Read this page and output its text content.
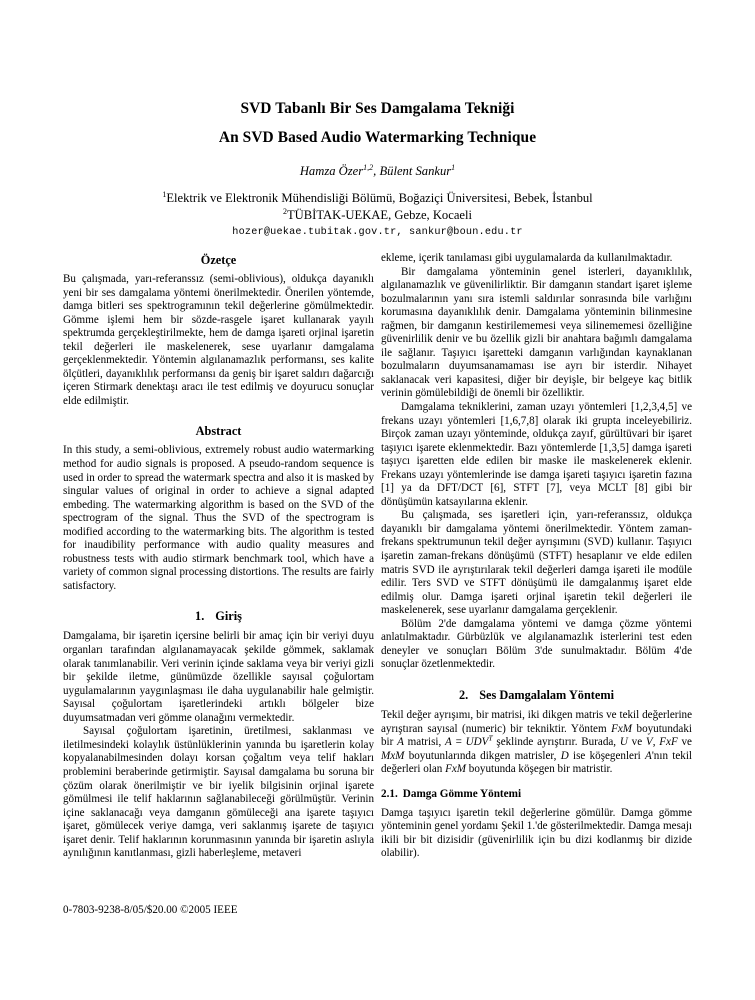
SVD Tabanlı Bir Ses Damgalama Tekniği
An SVD Based Audio Watermarking Technique
Hamza Özer$^{1,2}$, Bülent Sankur$^1$
$^1$Elektrik ve Elektronik Mühendisliği Bölümü, Boğaziçi Üniversitesi, Bebek, İstanbul
$^2$TÜBİTAK-UEKAE, Gebze, Kocaeli
hozer@uekae.tubitak.gov.tr, sankur@boun.edu.tr
Özetçe

Bu çalışmada, yarı-referanssız (semi-oblivious), oldukça dayanıklı yeni bir ses damgalama yöntemi önerilmektedir. Önerilen yöntemde, damga bitleri ses spektrogramının tekil değerlerine gömülmektedir. Gömme işlemi hem bir sözde-rasgele işaret kullanarak yayılı spektrumda gerçekleştirilmekte, hem de damga işareti orjinal işaretin tekil değerleri ile maskelenerek, sese uyarlanır damgalama gerçeklenmektedir. Yöntemin algılanamazlık performansı, ses kalite ölçütleri, dayanıklılık performansı da geniş bir işaret saldırı dağarcığı içeren Stirmark denektaşı aracı ile test edilmiş ve doyurucu sonuçlar elde edilmiştir.

Abstract

In this study, a semi-oblivious, extremely robust audio watermarking method for audio signals is proposed. A pseudo-random sequence is used in order to spread the watermark spectra and also it is masked by singular values of original in order to achieve a signal adapted embeding. The watermarking algorithm is based on the SVD of the spectrogram of the signal. Thus the SVD of the spectrogram is modified according to the watermarking bits. The algorithm is tested for inaudibility performance with audio quality measures and robustness tests with audio stirmark benchmark tool, which have a variety of common signal processing distortions. The results are fairly satisfactory.

1. Giriş

Damgalama, bir işaretin içersine belirli bir amaç için bir veriyi duyu organları tarafından algılanamayacak şekilde gömmek, saklamak olarak tanımlanabilir. Veri verinin içinde saklama veya bir veriyi gizli bir şekilde iletme, günümüzde özellikle sayısal çoğulortam uygulamalarının yaygınlaşması ile daha uygulanabilir hale gelmiştir. Sayısal çoğulortam işaretlerindeki artıklı bölgeler bize duyumsatmadan veri gömme olanağını vermektedir.

Sayısal çoğulortam işaretinin, üretilmesi, saklanması ve iletilmesindeki kolaylık üstünlüklerinin yanında bu işaretlerin kolay kopyalanabilmesinden dolayı korsan çoğaltım veya telif hakları problemini beraberinde getirmiştir. Sayısal damgalama bu soruna bir çözüm olarak önerilmiştir ve bir iyelik bilgisinin orjinal işarete gömülmesi ile telif haklarının sağlanabileceği görülmüştür. Verinin içine saklanacağı veya damganın gömüleceği ana işarete taşıyıcı işaret, gömülecek veriye damga, veri saklanmış işarete de taşıyıcı işaret denir. Telif haklarının korunmasının yanında bir işaretin aslıyla aynılığının kanıtlanması, gizli haberleşleme, metaveri

ekleme, içerik tanılaması gibi uygulamalarda da kullanılmaktadır.

Bir damgalama yönteminin genel isterleri, dayanıklılık, algılanamazlık ve güvenilirliktir. Bir damganın standart işaret işleme bozulmalarının yanı sıra istemli saldırılar sonrasında bile varlığını korumasına dayanıklılık denir. Damgalama yönteminin bilinmesine rağmen, bir damganın kestirilememesi veya silinememesi özelliğine güvenirlilik denir ve bu özellik gizli bir anahtara bağımlı damgalama ile sağlanır. Taşıyıcı işaretteki damganın varlığından kaynaklanan bozulmaların duyumsanamaması ise ayrı bir isterdir. Nihayet saklanacak veri kapasitesi, diğer bir deyişle, bir belgeye kaç bitlik verinin gömülebildiği de önemli bir özelliktir.

Damgalama tekniklerini, zaman uzayı yöntemleri [1,2,3,4,5] ve frekans uzayı yöntemleri [1,6,7,8] olarak iki grupta inceleyebiliriz. Birçok zaman uzayı yönteminde, oldukça zayıf, gürültüvari bir işaret taşıyıcı işarete eklenmektedir. Bazı yöntemlerde [1,3,5] damga işareti taşıycı işaretten elde edilen bir maske ile maskelenerek eklenir. Frekans uzayı yöntemlerinde ise damga işareti taşıyıcı işaretin fazına [1] ya da DFT/DCT [6], STFT [7], veya MCLT [8] gibi bir dönüşümün katsayılarına eklenir.

Bu çalışmada, ses işaretleri için, yarı-referanssız, oldukça dayanıklı bir damgalama yöntemi önerilmektedir. Yöntem zaman-frekans spektrumunun tekil değer ayrışımını (SVD) kullanır. Taşıyıcı işaretin zaman-frekans dönüşümü (STFT) hesaplanır ve elde edilen matris SVD ile ayrıştırılarak tekil değerleri damga işareti ile modüle edilir. Ters SVD ve STFT dönüşümü ile damgalanmış işaret elde edilmiş olur. Damga işareti orjinal işaretin tekil değerleri ile maskelenerek, sese uyarlanır damgalama gerçeklenir.

Bölüm 2'de damgalama yöntemi ve damga çözme yöntemi anlatılmaktadır. Gürbüzlük ve algılanamazlık isterlerini test eden deneyler ve sonuçları Bölüm 3'de sunulmaktadır. Bölüm 4'de sonuçlar özetlenmektedir.

2. Ses Damgalalam Yöntemi

Tekil değer ayrışımı, bir matrisi, iki dikgen matris ve tekil değerlerine ayrıştıran sayısal (numeric) bir tekniktir. Yöntem FxM boyutundaki bir A matrisi, $A = UDV^T$ şeklinde ayrıştırır. Burada, U ve V, FxF ve MxM boyutunlarında dikgen matrisler, D ise köşegenleri A'nın tekil değerleri olan FxM boyutunda köşegen bir matristir.

2.1. Damga Gömme Yöntemi

Damga taşıyıcı işaretin tekil değerlerine gömülür. Damga gömme yönteminin genel yordamı Şekil 1.'de gösterilmektedir. Damga mesajı ikili bir bit dizisidir (güvenirlilik için bu dizi kodlanmış bir dizide olabilir).

0-7803-9238-8/05/$20.00 ©2005 IEEE
